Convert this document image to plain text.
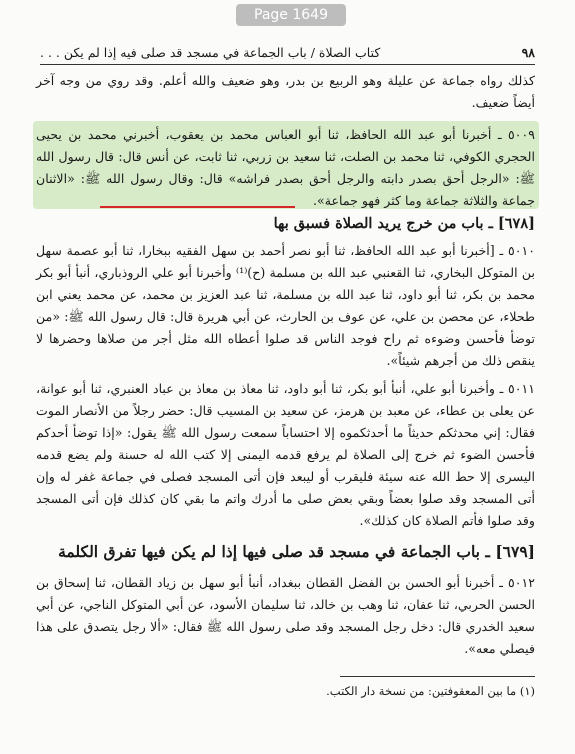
Page 1649
كتاب الصلاة / باب الجماعة في مسجد قد صلى فيه إذا لم يكن . . .	٩٨

كذلك رواه جماعة عن عليلة وهو الربيع بن بدر، وهو ضعيف والله أعلم. وقد روي من وجه آخر أيضاً ضعيف.

٥٠٠٩ ـ أخبرنا أبو عبد الله الحافظ، ثنا أبو العباس محمد بن يعقوب، أخبرني محمد بن يحيى الحجري الكوفي، ثنا محمد بن الصلت، ثنا سعيد بن زربي، ثنا ثابت، عن أنس قال: قال رسول الله ﷺ: «الرجل أحق بصدر دابته والرجل أحق بصدر فراشه» قال: وقال رسول الله ﷺ: «الاثنان جماعة والثلاثة جماعة وما كثر فهو جماعة».

[٦٧٨] ـ باب من خرج يريد الصلاة فسبق بها

٥٠١٠ ـ [أخبرنا أبو عبد الله الحافظ، ثنا أبو نصر أحمد بن سهل الفقيه ببخارا، ثنا أبو عصمة سهل بن المتوكل البخاري، ثنا القعنبي عبد الله بن مسلمة (ح)⁽¹⁾ وأخبرنا أبو علي الروذباري، أنبأ أبو بكر محمد بن بكر، ثنا أبو داود، ثنا عبد الله بن مسلمة، ثنا عبد العزيز بن محمد، عن محمد يعني ابن طحلاء، عن محصن بن علي، عن عوف بن الحارث، عن أبي هريرة قال: قال رسول الله ﷺ: «من توضأ فأحسن وضوءه ثم راح فوجد الناس قد صلوا أعطاه الله مثل أجر من صلاها وحضرها لا ينقص ذلك من أجرهم شيئاً».

٥٠١١ ـ وأخبرنا أبو علي، أنبأ أبو بكر، ثنا أبو داود، ثنا معاذ بن معاذ بن عباد العنبري، ثنا أبو عوانة، عن يعلى بن عطاء، عن معبد بن هرمز، عن سعيد بن المسيب قال: حضر رجلاً من الأنصار الموت فقال: إني محدثكم حديثاً ما أحدثكموه إلا احتساباً سمعت رسول الله ﷺ يقول: «إذا توضأ أحدكم فأحسن الضوء ثم خرج إلى الصلاة لم يرفع قدمه اليمنى إلا كتب الله له حسنة ولم يضع قدمه اليسرى إلا حط الله عنه سيئة فليقرب أو ليبعد فإن أتى المسجد فصلى في جماعة غفر له وإن أتى المسجد وقد صلوا بعضاً وبقي بعض صلى ما أدرك واتم ما بقي كان كذلك فإن أتى المسجد وقد صلوا فأتم الصلاة كان كذلك».

[٦٧٩] ـ باب الجماعة في مسجد قد صلى فيها إذا لم يكن فيها تفرق الكلمة

٥٠١٢ ـ أخبرنا أبو الحسن بن الفضل القطان ببغداد، أنبأ أبو سهل بن زياد القطان، ثنا إسحاق بن الحسن الحربي، ثنا عفان، ثنا وهب بن خالد، ثنا سليمان الأسود، عن أبي المتوكل الناجي، عن أبي سعيد الخدري قال: دخل رجل المسجد وقد صلى رسول الله ﷺ فقال: «ألا رجل يتصدق على هذا فيصلي معه».

(١) ما بين المعقوفتين: من نسخة دار الكتب.
